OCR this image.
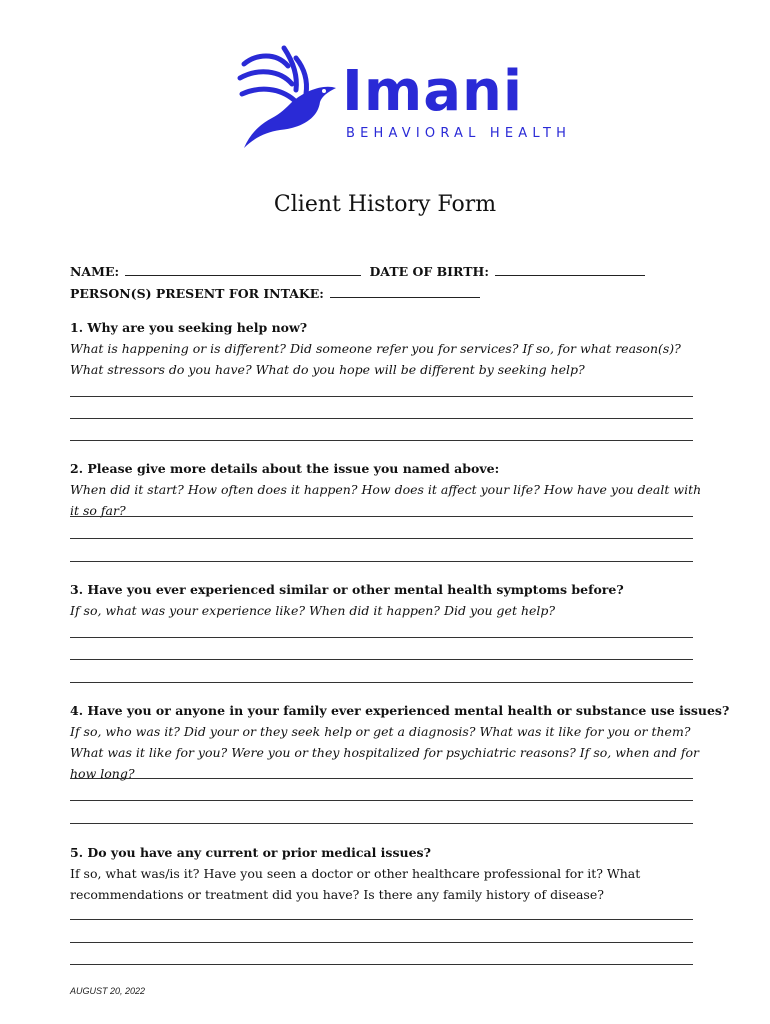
Imani
BEHAVIORAL HEALTH
Client History Form
NAME:	DATE OF BIRTH:
PERSON(S) PRESENT FOR INTAKE:
1. Why are you seeking help now?
What is happening or is different? Did someone refer you for services? If so, for what reason(s)? What stressors do you have? What do you hope will be different by seeking help?
2. Please give more details about the issue you named above:
When did it start? How often does it happen? How does it affect your life? How have you dealt with it so far?
3. Have you ever experienced similar or other mental health symptoms before?
If so, what was your experience like? When did it happen? Did you get help?
4. Have you or anyone in your family ever experienced mental health or substance use issues?
If so, who was it? Did your or they seek help or get a diagnosis? What was it like for you or them? What was it like for you? Were you or they hospitalized for psychiatric reasons? If so, when and for how long?
5. Do you have any current or prior medical issues?
If so, what was/is it? Have you seen a doctor or other healthcare professional for it? What recommendations or treatment did you have? Is there any family history of disease?
AUGUST 20, 2022
